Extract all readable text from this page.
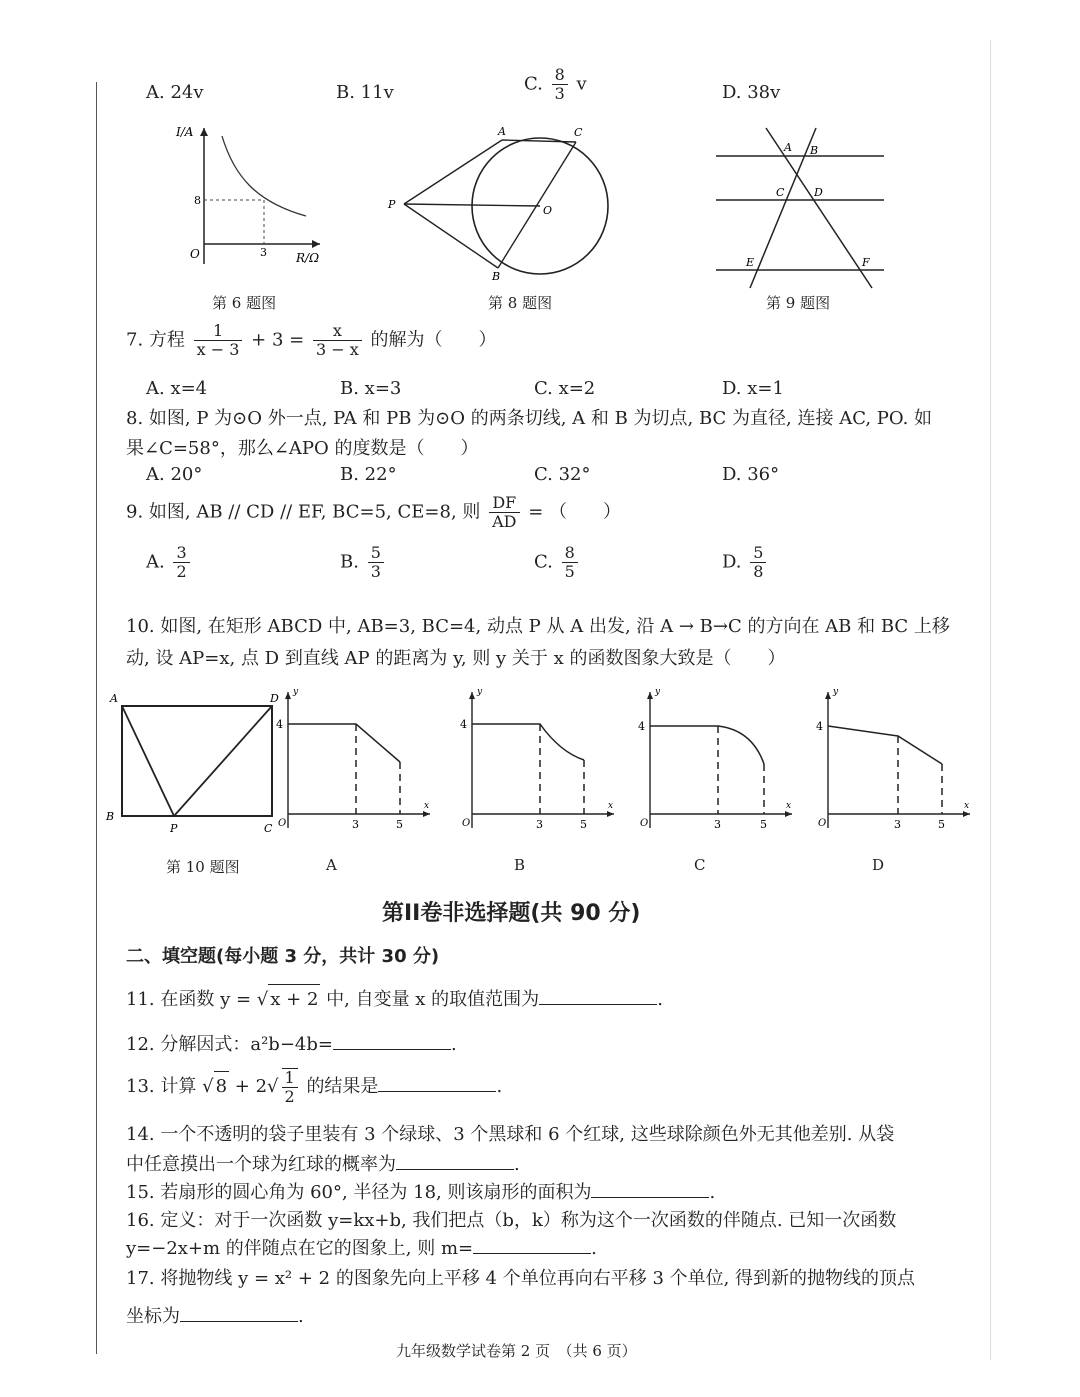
A. 24v	B. 11v	C. $\frac{8}{3}$ v	D. 38v
I/A
R/Ω
O
8
3
第 6 题图
A	C
O
P
B
第 8 题图
A B
C	D
E	F
第 9 题图
7. 方程 $\frac{1}{x - 3} + 3 = \frac{x}{3 - x}$ 的解为（　　）
A. x=4	B. x=3	C. x=2	D. x=1
8. 如图, P 为⊙O 外一点, PA 和 PB 为⊙O 的两条切线, A 和 B 为切点, BC 为直径, 连接 AC, PO. 如
果∠C=58°，那么∠APO 的度数是（　　）
A. 20°	B. 22°	C. 32°	D. 36°
9. 如图, AB // CD // EF, BC=5, CE=8, 则 $\frac{DF}{AD}$ = （　　）
A. $\frac{3}{2}$	B. $\frac{5}{3}$	C. $\frac{8}{5}$	D. $\frac{5}{8}$
10. 如图, 在矩形 ABCD 中, AB=3, BC=4, 动点 P 从 A 出发, 沿 A → B→C 的方向在 AB 和 BC 上移
动, 设 AP=x, 点 D 到直线 AP 的距离为 y, 则 y 关于 x 的函数图象大致是（　　）
A	D
B
C
P
第 10 题图
4
O	3	5
x
y
A
4
O	3	5
x
y
B
4
O	3	5
x
y
C
4
O	3	5
x
y
D
第II卷非选择题(共 90 分)
二、填空题(每小题 3 分，共计 30 分)
11. 在函数 y = √ x + 2 中, 自变量 x 的取值范围为	.
12. 分解因式：a²b−4b=	.
13. 计算 √ $8 + 2√ \frac{1}{2}$ 的结果是	.
14. 一个不透明的袋子里装有 3 个绿球、3 个黑球和 6 个红球, 这些球除颜色外无其他差别. 从袋
中任意摸出一个球为红球的概率为	.
15. 若扇形的圆心角为 60°, 半径为 18, 则该扇形的面积为	.
16. 定义：对于一次函数 y=kx+b, 我们把点（b，k）称为这个一次函数的伴随点. 已知一次函数
y=−2x+m 的伴随点在它的图象上, 则 m=	.
17. 将抛物线 y = x² + 2 的图象先向上平移 4 个单位再向右平移 3 个单位, 得到新的抛物线的顶点
坐标为	.
九年级数学试卷第 2 页　（共 6 页）
